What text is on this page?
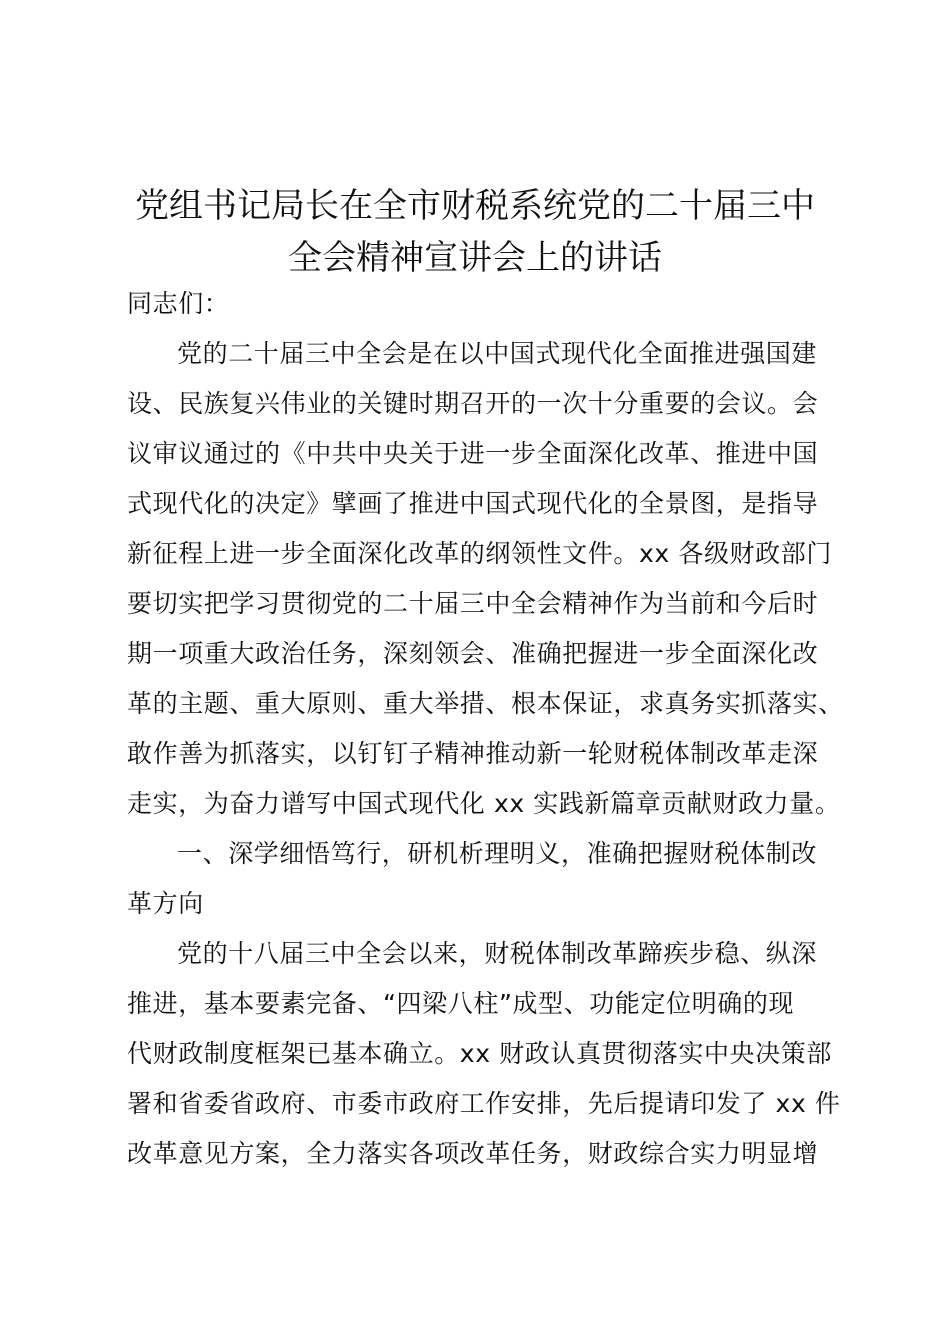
党组书记局长在全市财税系统党的二十届三中
全会精神宣讲会上的讲话

同志们：

党的二十届三中全会是在以中国式现代化全面推进强国建

设、民族复兴伟业的关键时期召开的一次十分重要的会议。会

议审议通过的《中共中央关于进一步全面深化改革、推进中国

式现代化的决定》擘画了推进中国式现代化的全景图，是指导

新征程上进一步全面深化改革的纲领性文件。xx 各级财政部门

要切实把学习贯彻党的二十届三中全会精神作为当前和今后时

期一项重大政治任务，深刻领会、准确把握进一步全面深化改

革的主题、重大原则、重大举措、根本保证，求真务实抓落实、

敢作善为抓落实，以钉钉子精神推动新一轮财税体制改革走深

走实，为奋力谱写中国式现代化 xx 实践新篇章贡献财政力量。

一、深学细悟笃行，研机析理明义，准确把握财税体制改

革方向

党的十八届三中全会以来，财税体制改革蹄疾步稳、纵深

推进，基本要素完备、“四梁八柱”成型、功能定位明确的现

代财政制度框架已基本确立。xx 财政认真贯彻落实中央决策部

署和省委省政府、市委市政府工作安排，先后提请印发了 xx 件

改革意见方案，全力落实各项改革任务，财政综合实力明显增
